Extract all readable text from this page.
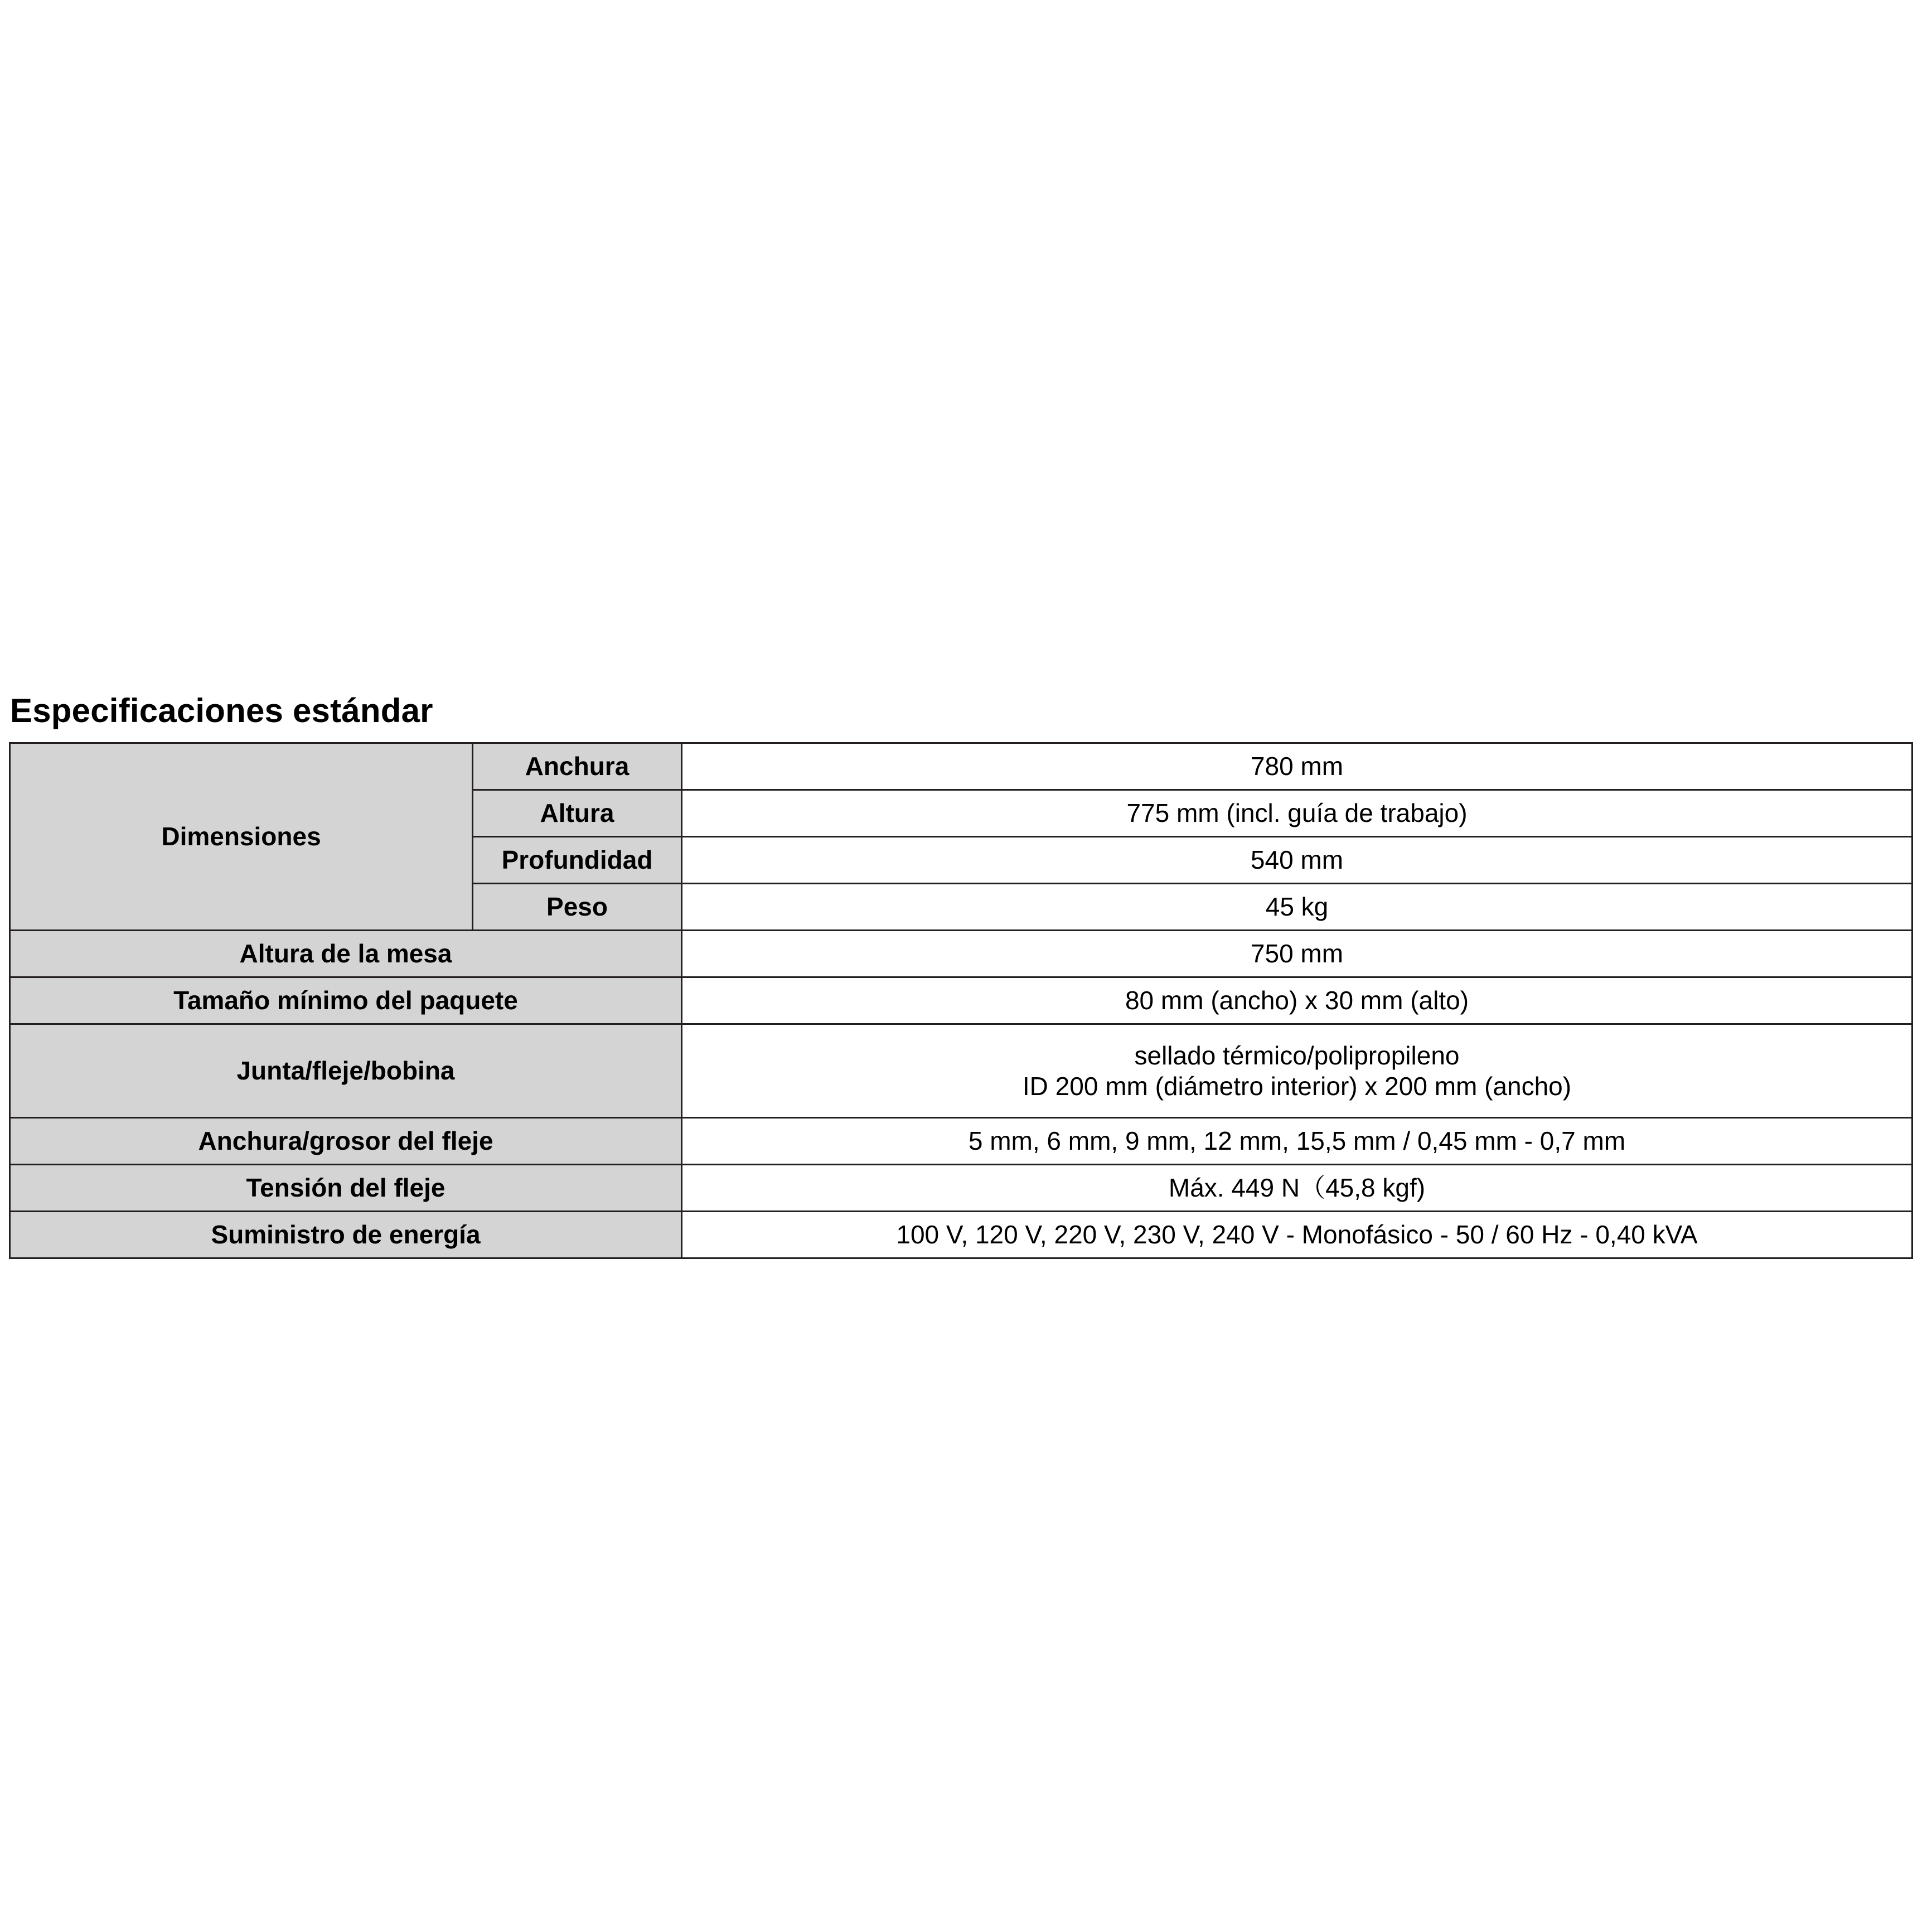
Especificaciones estándar
Dimensiones	Anchura	780 mm
	Altura	775 mm (incl. guía de trabajo)
	Profundidad	540 mm
	Peso	45 kg
Altura de la mesa		750 mm
Tamaño mínimo del paquete		80 mm (ancho) x 30 mm (alto)
Junta/fleje/bobina		sellado térmico/polipropileno
ID 200 mm (diámetro interior) x 200 mm (ancho)

Anchura/grosor del fleje		5 mm, 6 mm, 9 mm, 12 mm, 15,5 mm / 0,45 mm - 0,7 mm
Tensión del fleje		Máx. 449 N（45,8 kgf)
Suministro de energía		100 V, 120 V, 220 V, 230 V, 240 V - Monofásico - 50 / 60 Hz - 0,40 kVA
